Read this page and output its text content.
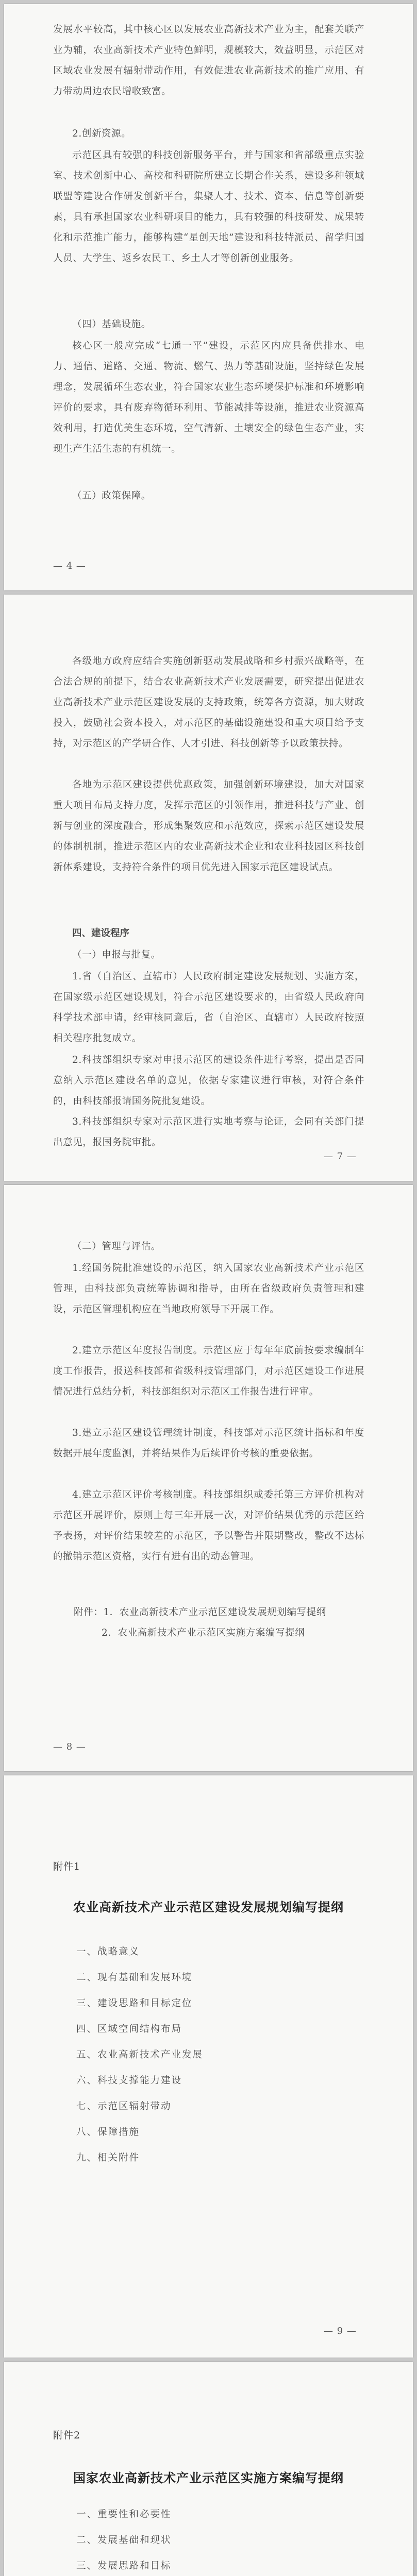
发展水平较高，其中核心区以发展农业高新技术产业为主，配套关联产业为辅，农业高新技术产业特色鲜明，规模较大，效益明显，示范区对区域农业发展有辐射带动作用，有效促进农业高新技术的推广应用、有力带动周边农民增收致富。

2.创新资源。

示范区具有较强的科技创新服务平台，并与国家和省部级重点实验室、技术创新中心、高校和科研院所建立长期合作关系，建设多种领域联盟等建设合作研发创新平台，集聚人才、技术、资本、信息等创新要素，具有承担国家农业科研项目的能力，具有较强的科技研发、成果转化和示范推广能力，能够构建“星创天地”建设和科技特派员、留学归国人员、大学生、返乡农民工、乡土人才等创新创业服务。

（四）基础设施。

核心区一般应完成“七通一平”建设，示范区内应具备供排水、电力、通信、道路、交通、物流、燃气、热力等基础设施，坚持绿色发展理念，发展循环生态农业，符合国家农业生态环境保护标准和环境影响评价的要求，具有废弃物循环利用、节能减排等设施，推进农业资源高效利用，打造优美生态环境，空气清新、土壤安全的绿色生态产业，实现生产生活生态的有机统一。

（五）政策保障。

— 4 —

各级地方政府应结合实施创新驱动发展战略和乡村振兴战略等，在合法合规的前提下，结合农业高新技术产业发展需要，研究提出促进农业高新技术产业示范区建设发展的支持政策，统筹各方资源，加大财政投入，鼓励社会资本投入，对示范区的基础设施建设和重大项目给予支持，对示范区的产学研合作、人才引进、科技创新等予以政策扶持。

各地为示范区建设提供优惠政策，加强创新环境建设，加大对国家重大项目布局支持力度，发挥示范区的引领作用，推进科技与产业、创新与创业的深度融合，形成集聚效应和示范效应，探索示范区建设发展的体制机制，推进示范区内的农业高新技术企业和农业科技园区科技创新体系建设，支持符合条件的项目优先进入国家示范区建设试点。

四、建设程序

（一）申报与批复。

1.省（自治区、直辖市）人民政府制定建设发展规划、实施方案，在国家级示范区建设规划，符合示范区建设要求的，由省级人民政府向科学技术部申请，经审核同意后，省（自治区、直辖市）人民政府按照相关程序批复成立。

2.科技部组织专家对申报示范区的建设条件进行考察，提出是否同意纳入示范区建设名单的意见，依据专家建议进行审核，对符合条件的，由科技部报请国务院批复建设。

3.科技部组织专家对示范区进行实地考察与论证，会同有关部门提出意见，报国务院审批。

— 7 —

（二）管理与评估。

1.经国务院批准建设的示范区，纳入国家农业高新技术产业示范区管理，由科技部负责统筹协调和指导，由所在省级政府负责管理和建设，示范区管理机构应在当地政府领导下开展工作。

2.建立示范区年度报告制度。示范区应于每年年底前按要求编制年度工作报告，报送科技部和省级科技管理部门，对示范区建设工作进展情况进行总结分析，科技部组织对示范区工作报告进行评审。

3.建立示范区建设管理统计制度，科技部对示范区统计指标和年度数据开展年度监测，并将结果作为后续评价考核的重要依据。

4.建立示范区评价考核制度。科技部组织或委托第三方评价机构对示范区开展评价，原则上每三年开展一次，对评价结果优秀的示范区给予表扬，对评价结果较差的示范区，予以警告并限期整改，整改不达标的撤销示范区资格，实行有进有出的动态管理。

附件：1．农业高新技术产业示范区建设发展规划编写提纲
2．农业高新技术产业示范区实施方案编写提纲
— 8 —
附件1
农业高新技术产业示范区建设发展规划编写提纲
一、战略意义
二、现有基础和发展环境
三、建设思路和目标定位
四、区域空间结构布局
五、农业高新技术产业发展
六、科技支撑能力建设
七、示范区辐射带动
八、保障措施
九、相关附件
— 9 —
附件2
国家农业高新技术产业示范区实施方案编写提纲
一、重要性和必要性
二、发展基础和现状
三、发展思路和目标
